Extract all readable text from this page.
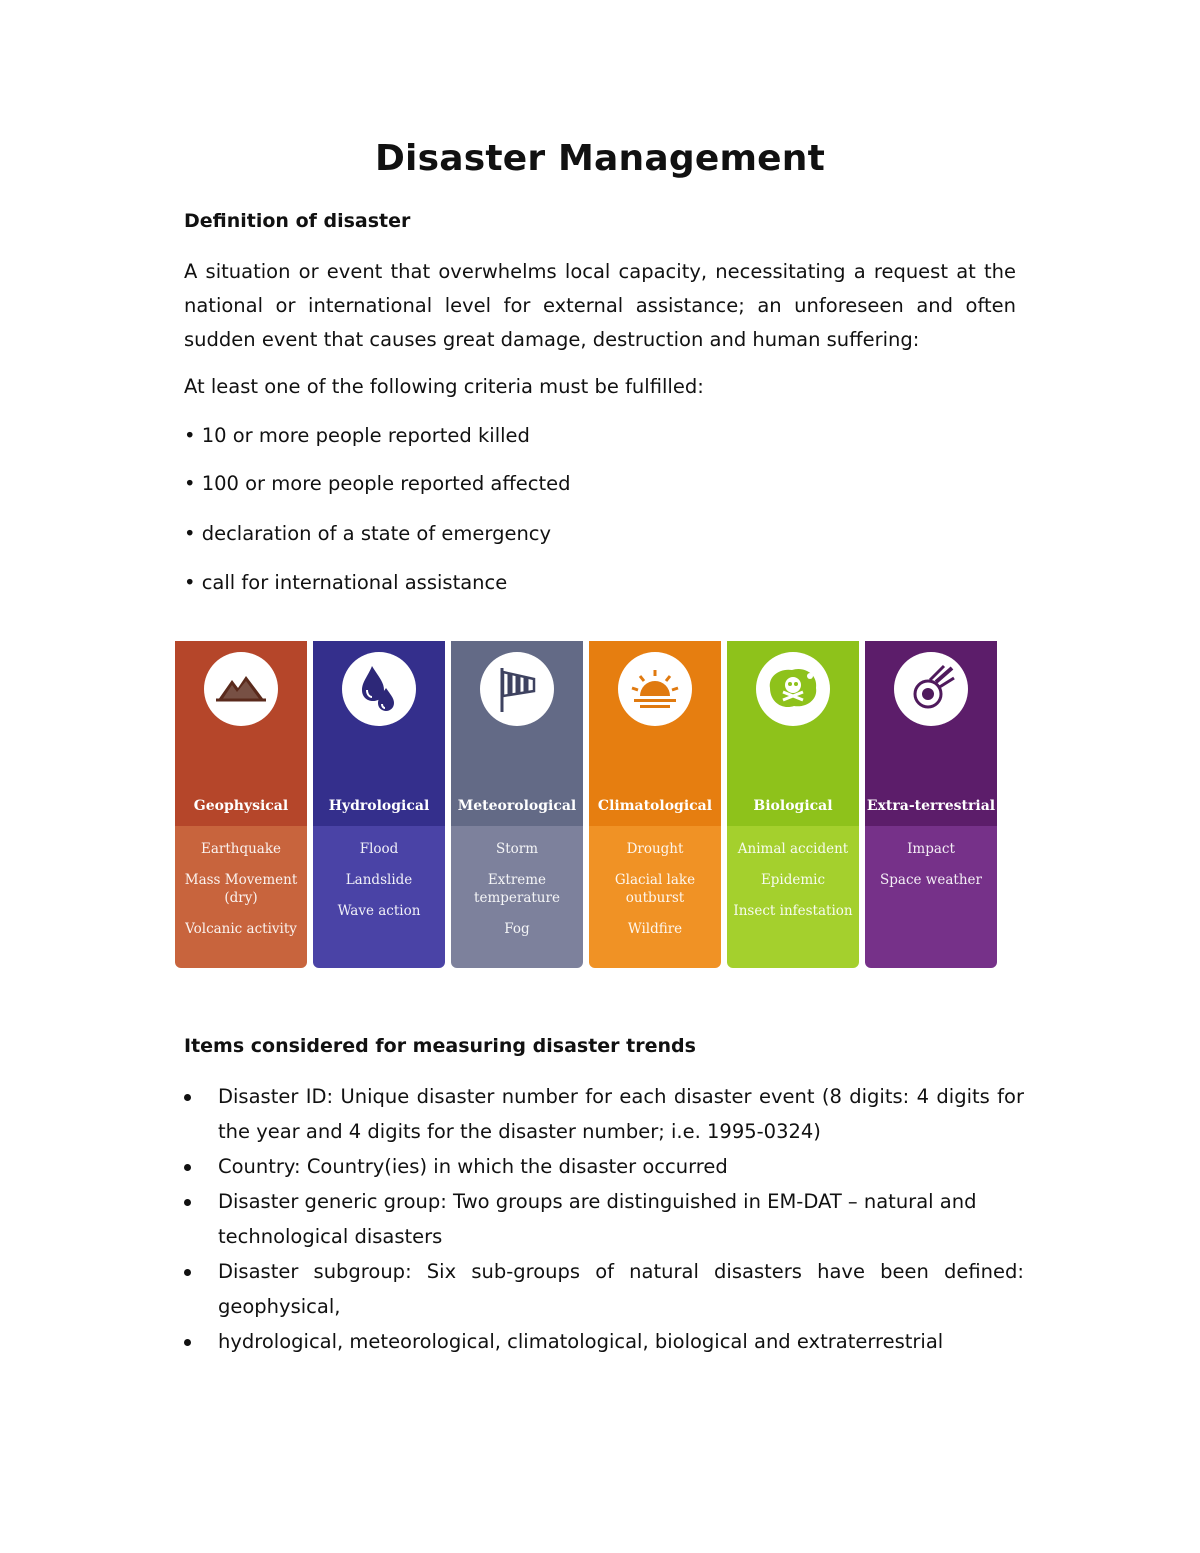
Disaster Management
Definition of disaster
A situation or event that overwhelms local capacity, necessitating a request at the national or international level for external assistance; an unforeseen and often sudden event that causes great damage, destruction and human suffering:
At least one of the following criteria must be fulfilled:
• 10 or more people reported killed
• 100 or more people reported affected
• declaration of a state of emergency
• call for international assistance
Geophysical
Earthquake
Mass Movement (dry)
Volcanic activity
Hydrological
Flood
Landslide
Wave action
Meteorological
Storm
Extreme temperature
Fog
Climatological
Drought
Glacial lake outburst
Wildfire
Biological
Animal accident
Epidemic
Insect infestation
Extra-terrestrial
Impact
Space weather
Items considered for measuring disaster trends
Disaster ID: Unique disaster number for each disaster event (8 digits: 4 digits for the year and 4 digits for the disaster number; i.e. 1995-0324)
Country: Country(ies) in which the disaster occurred
Disaster generic group: Two groups are distinguished in EM-DAT – natural and technological disasters
Disaster subgroup: Six sub-groups of natural disasters have been defined: geophysical,
hydrological, meteorological, climatological, biological and extraterrestrial
